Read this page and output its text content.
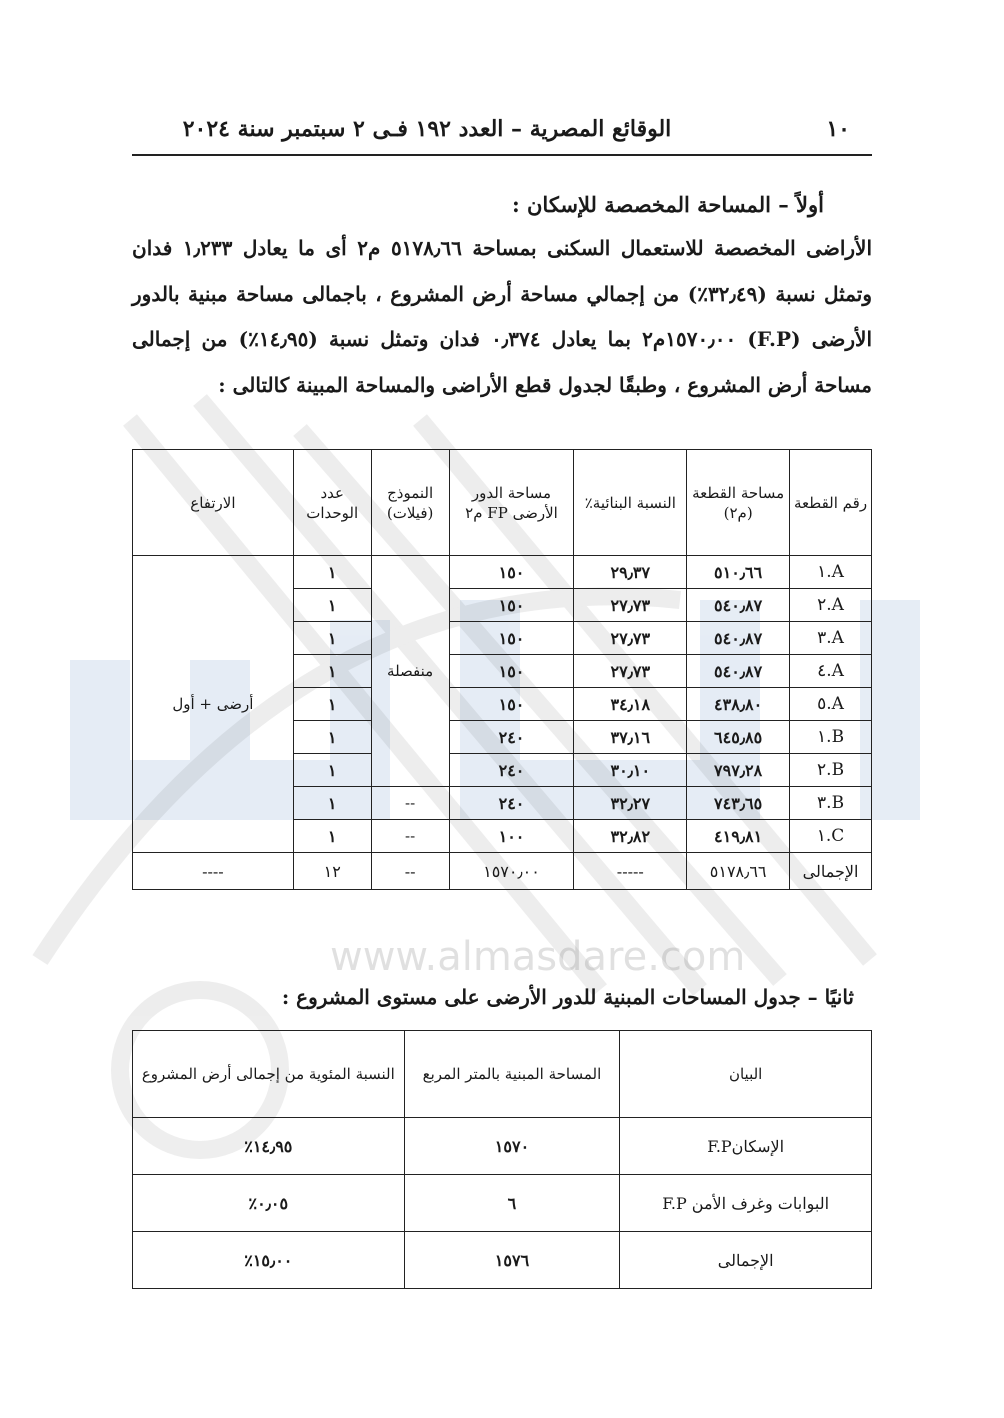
www.almasdare.com
١٠
الوقائع المصرية – العدد ١٩٢ فـى ٢ سبتمبر سنة ٢٠٢٤
أولاً – المساحة المخصصة للإسكان :
الأراضى المخصصة للاستعمال السكنى بمساحة ٥١٧٨٫٦٦ م٢ أى ما يعادل ١٫٢٣٣ فدان وتمثل نسبة (٣٢٫٤٩٪) من إجمالي مساحة أرض المشروع ، باجمالى مساحة مبنية بالدور الأرضى (F.P) ١٥٧٠٫٠٠م٢ بما يعادل ٠٫٣٧٤ فدان وتمثل نسبة (١٤٫٩٥٪) من إجمالى مساحة أرض المشروع ، وطبقًا لجدول قطع الأراضى والمساحة المبينة كالتالى :
رقم القطعة	مساحة القطعة (م٢)	النسبة البنائية٪	مساحة الدور الأرضى FP م٢	النموذج (فيلات)	عدد الوحدات	الارتفاع
A.١	٥١٠٫٦٦	٢٩٫٣٧	١٥٠	منفصلة	١	أرضى + أول
A.٢	٥٤٠٫٨٧	٢٧٫٧٣	١٥٠		١	
A.٣	٥٤٠٫٨٧	٢٧٫٧٣	١٥٠		١	
A.٤	٥٤٠٫٨٧	٢٧٫٧٣	١٥٠		١	
A.٥	٤٣٨٫٨٠	٣٤٫١٨	١٥٠		١	
B.١	٦٤٥٫٨٥	٣٧٫١٦	٢٤٠		١	
B.٢	٧٩٧٫٢٨	٣٠٫١٠	٢٤٠		١	
B.٣	٧٤٣٫٦٥	٣٢٫٢٧	٢٤٠	--	١	
C.١	٤١٩٫٨١	٣٢٫٨٢	١٠٠	--	١	
الإجمالى	٥١٧٨٫٦٦	-----	١٥٧٠٫٠٠	--	١٢	----
ثانيًا – جدول المساحات المبنية للدور الأرضى على مستوى المشروع :
البيان	المساحة المبنية بالمتر المربع	النسبة المئوية من إجمالى أرض المشروع
الإسكانF.P	١٥٧٠	١٤٫٩٥٪
البوابات وغرف الأمن F.P	٦	٠٫٠٥٪
الإجمالى	١٥٧٦	١٥٫٠٠٪
